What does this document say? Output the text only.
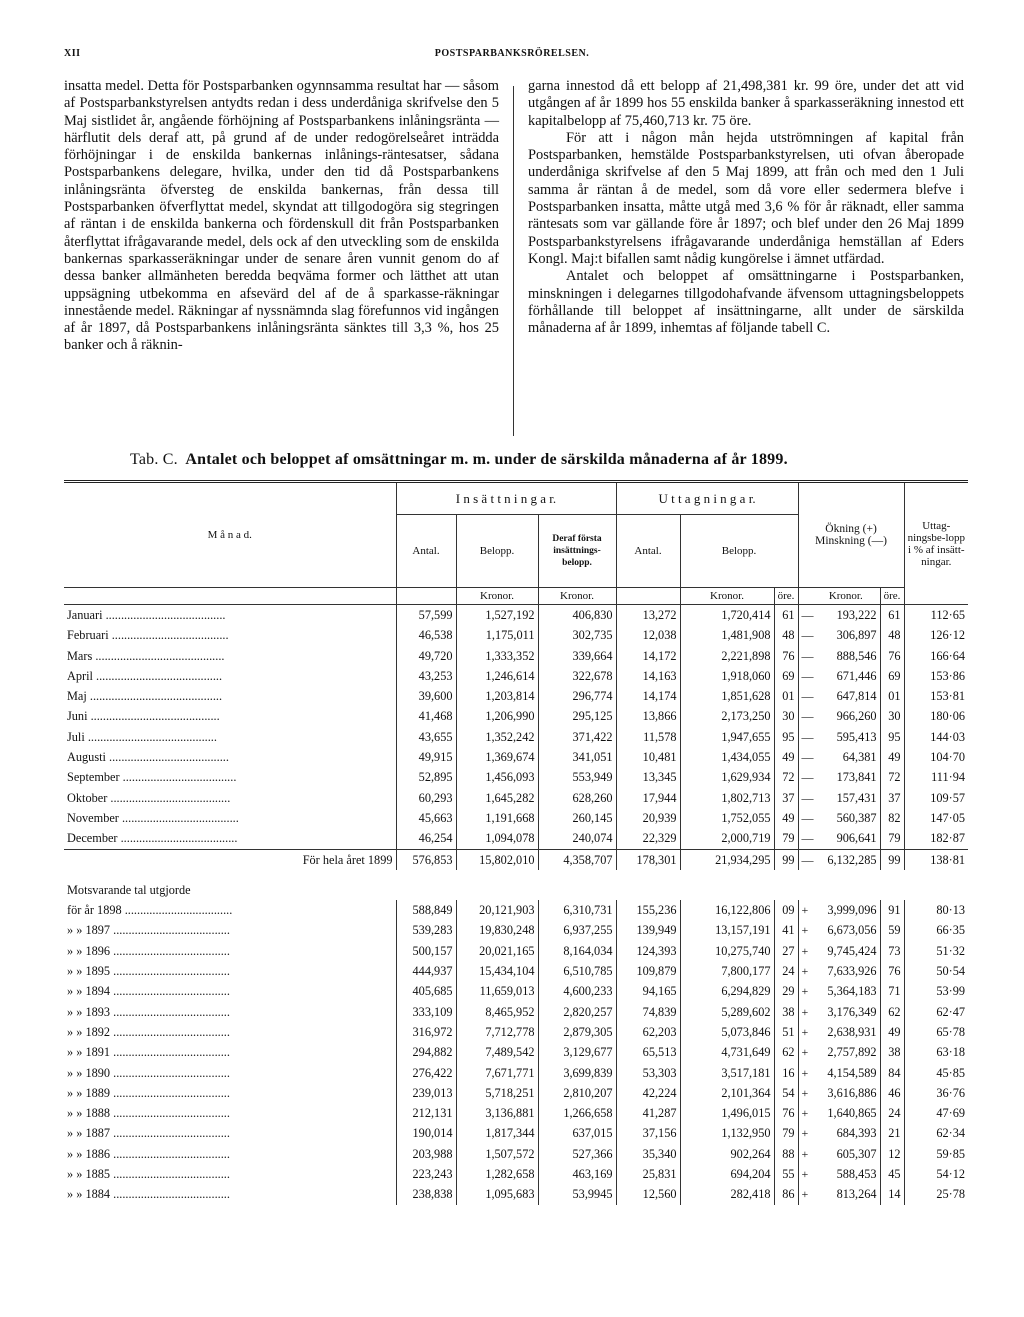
XII	POSTSPARBANKSRÖRELSEN.

insatta medel. Detta för Postsparbanken ogynnsamma resultat har — såsom af Postsparbankstyrelsen antydts redan i dess underdåniga skrifvelse den 5 Maj sistlidet år, angående förhöjning af Postsparbankens inlåningsränta — härflutit dels deraf att, på grund af de under redogörelseåret inträdda förhöjningar i de enskilda bankernas inlånings-räntesatser, sådana Postsparbankens delegare, hvilka, under den tid då Postsparbankens inlåningsränta öfversteg de enskilda bankernas, från dessa till Postsparbanken öfverflyttat medel, skyndat att tillgodogöra sig stegringen af räntan i de enskilda bankerna och fördenskull dit från Postsparbanken återflyttat ifrågavarande medel, dels ock af den utveckling som de enskilda bankernas sparkasseräkningar under de senare åren vunnit genom do af dessa banker allmänheten beredda beqväma former och lätthet att utan uppsägning utbekomma en afsevärd del af de å sparkasse-räkningar innestående medel. Räkningar af nyssnämnda slag förefunnos vid ingången af år 1897, då Postsparbankens inlåningsränta sänktes till 3,3 %, hos 25 banker och å räknin-

garna innestod då ett belopp af 21,498,381 kr. 99 öre, under det att vid utgången af år 1899 hos 55 enskilda banker å sparkasseräkning innestod ett kapitalbelopp af 75,460,713 kr. 75 öre.

För att i någon mån hejda utströmningen af kapital från Postsparbanken, hemstälde Postsparbankstyrelsen, uti ofvan åberopade underdåniga skrifvelse af den 5 Maj 1899, att från och med den 1 Juli samma år räntan å de medel, som då vore eller sedermera blefve i Postsparbanken insatta, måtte utgå med 3,6 % för år räknadt, eller samma räntesats som var gällande före år 1897; och blef under den 26 Maj 1899 Postsparbankstyrelsens ifrågavarande underdåniga hemställan af Eders Kongl. Maj:t bifallen samt nådig kungörelse i ämnet utfärdad.

Antalet och beloppet af omsättningarne i Postsparbanken, minskningen i delegarnes tillgodohafvande äfvensom uttagningsbeloppets förhållande till beloppet af insättningarne, allt under de särskilda månaderna af år 1899, inhemtas af följande tabell C.

Tab. C. Antalet och beloppet af omsättningar m. m. under de särskilda månaderna af år 1899.
M å n a d.	I n s ä t t n i n g a r.			U t t a g n i n g a r.			Ökning (+) Minskning (—)			Uttag-ningsbe-lopp i % af insätt-ningar.
	Antal.	Belopp.	Deraf första insättnings-belopp.	Antal.	Belopp.					
		Kronor.	Kronor.		Kronor.	öre.		Kronor.	öre.	
Januari .......................................	57,599	1,527,192	406,830	13,272	1,720,414	61	—	193,222	61	112·65
Februari ......................................	46,538	1,175,011	302,735	12,038	1,481,908	48	—	306,897	48	126·12
Mars ..........................................	49,720	1,333,352	339,664	14,172	2,221,898	76	—	888,546	76	166·64
April .........................................	43,253	1,246,614	322,678	14,163	1,918,060	69	—	671,446	69	153·86
Maj ...........................................	39,600	1,203,814	296,774	14,174	1,851,628	01	—	647,814	01	153·81
Juni ..........................................	41,468	1,206,990	295,125	13,866	2,173,250	30	—	966,260	30	180·06
Juli ..........................................	43,655	1,352,242	371,422	11,578	1,947,655	95	—	595,413	95	144·03
Augusti .......................................	49,915	1,369,674	341,051	10,481	1,434,055	49	—	64,381	49	104·70
September .....................................	52,895	1,456,093	553,949	13,345	1,629,934	72	—	173,841	72	111·94
Oktober .......................................	60,293	1,645,282	628,260	17,944	1,802,713	37	—	157,431	37	109·57
November ......................................	45,663	1,191,668	260,145	20,939	1,752,055	49	—	560,387	82	147·05
December ......................................	46,254	1,094,078	240,074	22,329	2,000,719	79	—	906,641	79	182·87
För hela året 1899	576,853	15,802,010	4,358,707	178,301	21,934,295	99	—	6,132,285	99	138·81

Motsvarande tal utgjorde										
för år 1898 ...................................	588,849	20,121,903	6,310,731	155,236	16,122,806	09	+	3,999,096	91	80·13
» » 1897 ......................................	539,283	19,830,248	6,937,255	139,949	13,157,191	41	+	6,673,056	59	66·35
» » 1896 ......................................	500,157	20,021,165	8,164,034	124,393	10,275,740	27	+	9,745,424	73	51·32
» » 1895 ......................................	444,937	15,434,104	6,510,785	109,879	7,800,177	24	+	7,633,926	76	50·54
» » 1894 ......................................	405,685	11,659,013	4,600,233	94,165	6,294,829	29	+	5,364,183	71	53·99
» » 1893 ......................................	333,109	8,465,952	2,820,257	74,839	5,289,602	38	+	3,176,349	62	62·47
» » 1892 ......................................	316,972	7,712,778	2,879,305	62,203	5,073,846	51	+	2,638,931	49	65·78
» » 1891 ......................................	294,882	7,489,542	3,129,677	65,513	4,731,649	62	+	2,757,892	38	63·18
» » 1890 ......................................	276,422	7,671,771	3,699,839	53,303	3,517,181	16	+	4,154,589	84	45·85
» » 1889 ......................................	239,013	5,718,251	2,810,207	42,224	2,101,364	54	+	3,616,886	46	36·76
» » 1888 ......................................	212,131	3,136,881	1,266,658	41,287	1,496,015	76	+	1,640,865	24	47·69
» » 1887 ......................................	190,014	1,817,344	637,015	37,156	1,132,950	79	+	684,393	21	62·34
» » 1886 ......................................	203,988	1,507,572	527,366	35,340	902,264	88	+	605,307	12	59·85
» » 1885 ......................................	223,243	1,282,658	463,169	25,831	694,204	55	+	588,453	45	54·12
» » 1884 ......................................	238,838	1,095,683	53,9945	12,560	282,418	86	+	813,264	14	25·78
